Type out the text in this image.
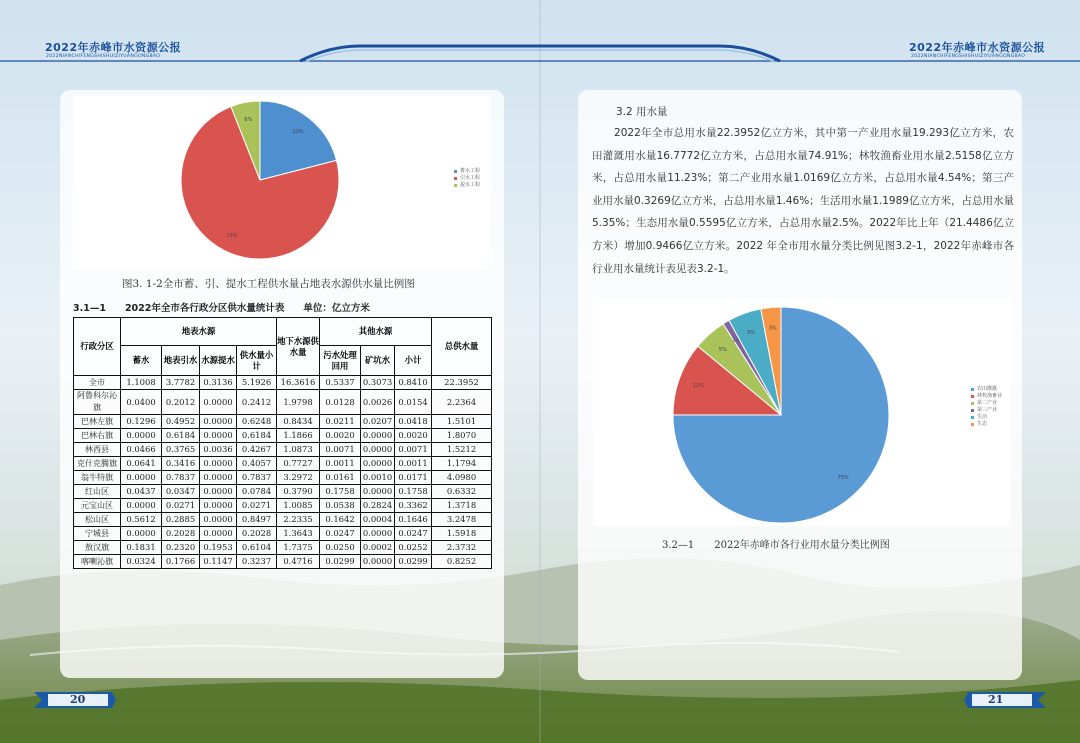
2022年赤峰市水资源公报
2022NIANCHIFENGSHISHUIZIYUANGONGBAO
2022年赤峰市水资源公报
2022NIANCHIFENGSHISHUIZIYUANGONGBAO
21%
73%
6%
蓄水工程
引水工程
提水工程
图3. 1-2全市蓄、引、提水工程供水量占地表水源供水量比例图
3.1—1　　2022年全市各行政分区供水量统计表　　单位：亿立方米
行政分区	地表水源				地下水源供水量	其他水源			总供水量
	蓄水	地表引水	水源提水	供水量小计		污水处理回用	矿坑水	小计	
全市	1.1008	3.7782	0.3136	5.1926	16.3616	0.5337	0.3073	0.8410	22.3952
阿鲁科尔沁旗	0.0400	0.2012	0.0000	0.2412	1.9798	0.0128	0.0026	0.0154	2.2364
巴林左旗	0.1296	0.4952	0.0000	0.6248	0.8434	0.0211	0.0207	0.0418	1.5101
巴林右旗	0.0000	0.6184	0.0000	0.6184	1.1866	0.0020	0.0000	0.0020	1.8070
林西县	0.0466	0.3765	0.0036	0.4267	1.0873	0.0071	0.0000	0.0071	1.5212
克什克腾旗	0.0641	0.3416	0.0000	0.4057	0.7727	0.0011	0.0000	0.0011	1.1794
翁牛特旗	0.0000	0.7837	0.0000	0.7837	3.2972	0.0161	0.0010	0.0171	4.0980
红山区	0.0437	0.0347	0.0000	0.0784	0.3790	0.1758	0.0000	0.1758	0.6332
元宝山区	0.0000	0.0271	0.0000	0.0271	1.0085	0.0538	0.2824	0.3362	1.3718
松山区	0.5612	0.2885	0.0000	0.8497	2.2335	0.1642	0.0004	0.1646	3.2478
宁城县	0.0000	0.2028	0.0000	0.2028	1.3643	0.0247	0.0000	0.0247	1.5918
敖汉旗	0.1831	0.2320	0.1953	0.6104	1.7375	0.0250	0.0002	0.0252	2.3732
喀喇沁旗	0.0324	0.1766	0.1147	0.3237	0.4716	0.0299	0.0000	0.0299	0.8252
3.2 用水量

2022年全市总用水量22.3952亿立方米，其中第一产业用水量19.293亿立方米，农田灌溉用水量16.7772亿立方米，占总用水量74.91%；林牧渔畜业用水量2.5158亿立方米，占总用水量11.23%；第二产业用水量1.0169亿立方米，占总用水量4.54%；第三产业用水量0.3269亿立方米，占总用水量1.46%；生活用水量1.1989亿立方米，占总用水量5.35%；生态用水量0.5595亿立方米，占总用水量2.5%。2022年比上年（21.4486亿立方米）增加0.9466亿立方米。2022 年全市用水量分类比例见图3.2-1，2022年赤峰市各行业用水量统计表见表3.2-1。

75%
11%
5%
1%
5%
3%
农田灌溉
林牧渔畜业
第二产业
第三产业
生活
生态
3.2—1　　2022年赤峰市各行业用水量分类比例图
20	21
